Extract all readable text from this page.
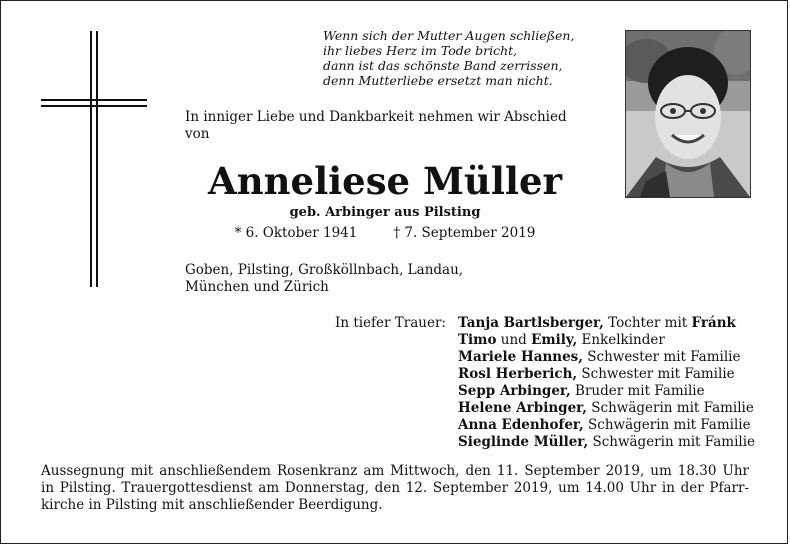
Wenn sich der Mutter Augen schließen,
ihr liebes Herz im Tode bricht,
dann ist das schönste Band zerrissen,
denn Mutterliebe ersetzt man nicht.
In inniger Liebe und Dankbarkeit nehmen wir Abschied
von
Anneliese Müller
geb. Arbinger aus Pilsting
* 6. Oktober 1941	† 7. September 2019
Goben, Pilsting, Großköllnbach, Landau,
München und Zürich
In tiefer Trauer: Tanja Bartlsberger, Tochter mit Fránk
Timo und Emily, Enkelkinder
Mariele Hannes, Schwester mit Familie
Rosl Herberich, Schwester mit Familie
Sepp Arbinger, Bruder mit Familie
Helene Arbinger, Schwägerin mit Familie
Anna Edenhofer, Schwägerin mit Familie
Sieglinde Müller, Schwägerin mit Familie
Aussegnung mit anschließendem Rosenkranz am Mittwoch, den 11. September 2019, um 18.30 Uhr
in Pilsting. Trauergottesdienst am Donnerstag, den 12. September 2019, um 14.00 Uhr in der Pfarr-
kirche in Pilsting mit anschließender Beerdigung.
